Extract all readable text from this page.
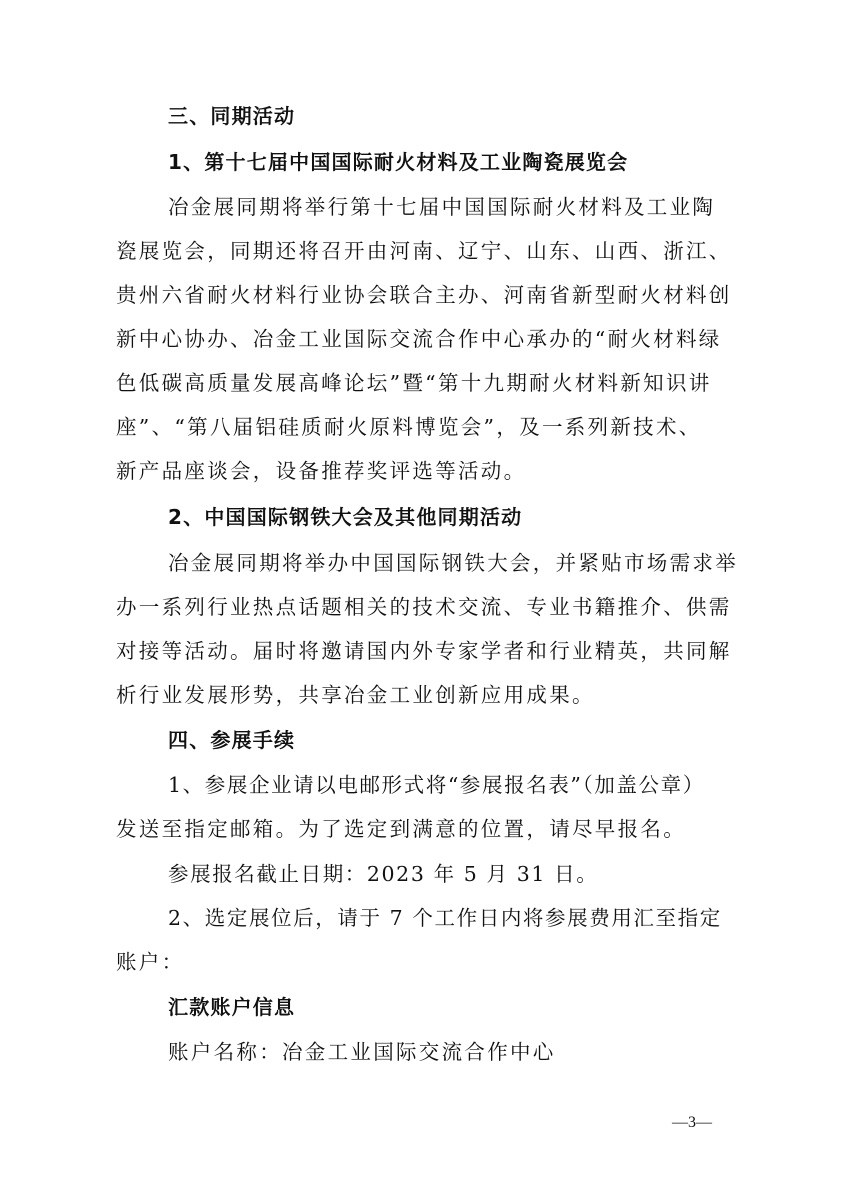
三、同期活动
1、第十七届中国国际耐火材料及工业陶瓷展览会
冶金展同期将举行第十七届中国国际耐火材料及工业陶
瓷展览会，同期还将召开由河南、辽宁、山东、山西、浙江、
贵州六省耐火材料行业协会联合主办、河南省新型耐火材料创
新中心协办、冶金工业国际交流合作中心承办的“耐火材料绿
色低碳高质量发展高峰论坛”暨“第十九期耐火材料新知识讲
座”、“第八届铝硅质耐火原料博览会”，及一系列新技术、
新产品座谈会，设备推荐奖评选等活动。
2、中国国际钢铁大会及其他同期活动
冶金展同期将举办中国国际钢铁大会，并紧贴市场需求举
办一系列行业热点话题相关的技术交流、专业书籍推介、供需
对接等活动。届时将邀请国内外专家学者和行业精英，共同解
析行业发展形势，共享冶金工业创新应用成果。
四、参展手续
1、参展企业请以电邮形式将“参展报名表”（加盖公章）
发送至指定邮箱。为了选定到满意的位置，请尽早报名。
参展报名截止日期：2023 年 5 月 31 日。
2、选定展位后，请于 7 个工作日内将参展费用汇至指定
账户：
汇款账户信息
账户名称：冶金工业国际交流合作中心
—3—
